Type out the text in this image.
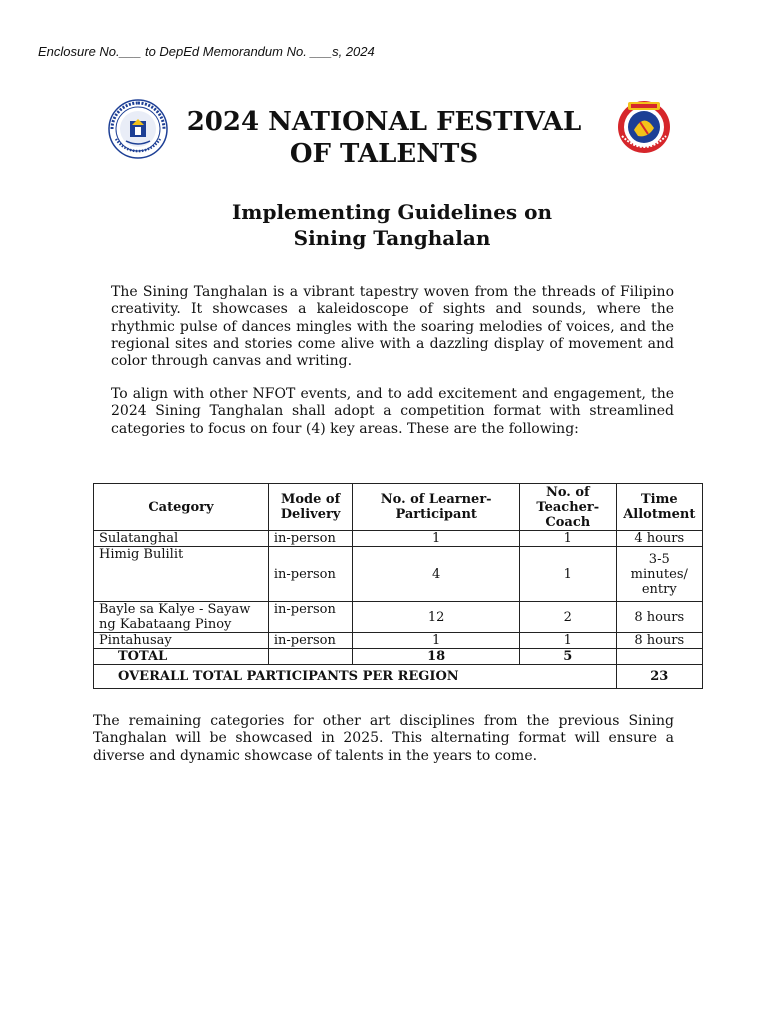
Enclosure No.___ to DepEd Memorandum No. ___s, 2024
2024 NATIONAL FESTIVAL
OF TALENTS
Implementing Guidelines on
Sining Tanghalan

The Sining Tanghalan is a vibrant tapestry woven from the threads of Filipino creativity. It showcases a kaleidoscope of sights and sounds, where the rhythmic pulse of dances mingles with the soaring melodies of voices, and the regional sites and stories come alive with a dazzling display of movement and color through canvas and writing.

To align with other NFOT events, and to add excitement and engagement, the 2024 Sining Tanghalan shall adopt a competition format with streamlined categories to focus on four (4) key areas. These are the following:

Category	Mode of Delivery	No. of Learner-Participant	No. of Teacher-Coach	Time Allotment
Sulatanghal	in-person	1	1	4 hours
Himig Bulilit	in-person	4	1	3-5 minutes/ entry
Bayle sa Kalye - Sayaw ng Kabataang Pinoy	in-person	12	2	8 hours
Pintahusay	in-person	1	1	8 hours
TOTAL		18	5	
OVERALL TOTAL PARTICIPANTS PER REGION				23

The remaining categories for other art disciplines from the previous Sining Tanghalan will be showcased in 2025. This alternating format will ensure a diverse and dynamic showcase of talents in the years to come.
